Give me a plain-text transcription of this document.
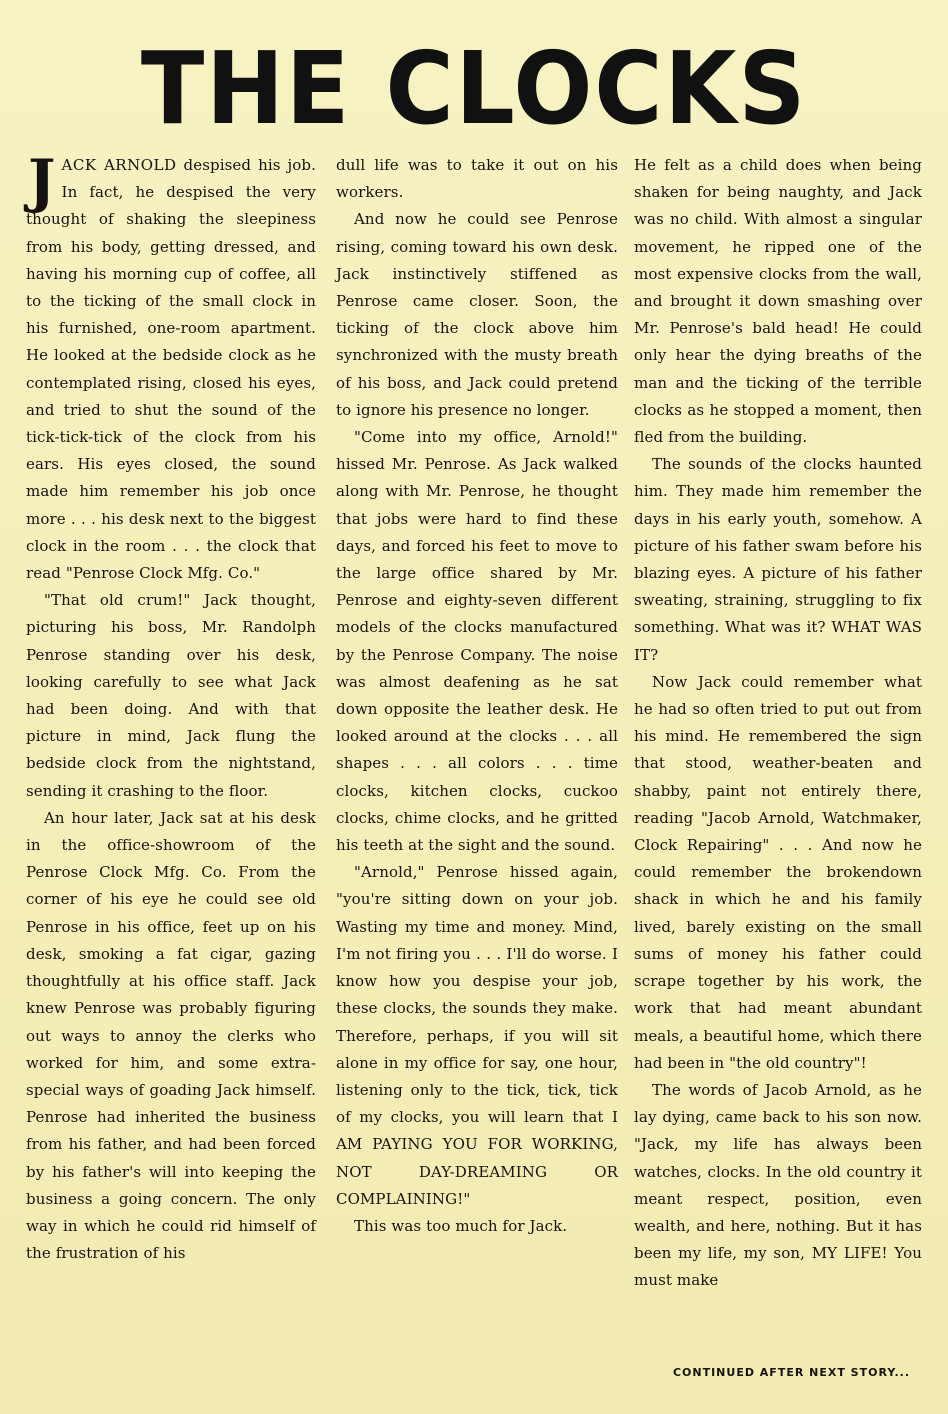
THE CLOCKS

JACK ARNOLD despised his job. In fact, he despised the very thought of shaking the sleepiness from his body, getting dressed, and having his morning cup of coffee, all to the ticking of the small clock in his furnished, one-room apartment. He looked at the bedside clock as he contemplated rising, closed his eyes, and tried to shut the sound of the tick-tick-tick of the clock from his ears. His eyes closed, the sound made him remember his job once more . . . his desk next to the biggest clock in the room . . . the clock that read "Penrose Clock Mfg. Co."

"That old crum!" Jack thought, picturing his boss, Mr. Randolph Penrose standing over his desk, looking carefully to see what Jack had been doing. And with that picture in mind, Jack flung the bedside clock from the nightstand, sending it crashing to the floor.

An hour later, Jack sat at his desk in the office-showroom of the Penrose Clock Mfg. Co. From the corner of his eye he could see old Penrose in his office, feet up on his desk, smoking a fat cigar, gazing thoughtfully at his office staff. Jack knew Penrose was probably figuring out ways to annoy the clerks who worked for him, and some extra-special ways of goading Jack himself. Penrose had inherited the business from his father, and had been forced by his father's will into keeping the business a going concern. The only way in which he could rid himself of the frustration of his

dull life was to take it out on his workers.

And now he could see Penrose rising, coming toward his own desk. Jack instinctively stiffened as Penrose came closer. Soon, the ticking of the clock above him synchronized with the musty breath of his boss, and Jack could pretend to ignore his presence no longer.

"Come into my office, Arnold!" hissed Mr. Penrose. As Jack walked along with Mr. Penrose, he thought that jobs were hard to find these days, and forced his feet to move to the large office shared by Mr. Penrose and eighty-seven different models of the clocks manufactured by the Penrose Company. The noise was almost deafening as he sat down opposite the leather desk. He looked around at the clocks . . . all shapes . . . all colors . . . time clocks, kitchen clocks, cuckoo clocks, chime clocks, and he gritted his teeth at the sight and the sound.

"Arnold," Penrose hissed again, "you're sitting down on your job. Wasting my time and money. Mind, I'm not firing you . . . I'll do worse. I know how you despise your job, these clocks, the sounds they make. Therefore, perhaps, if you will sit alone in my office for say, one hour, listening only to the tick, tick, tick of my clocks, you will learn that I AM PAYING YOU FOR WORKING, NOT DAY-DREAMING OR COMPLAINING!"

This was too much for Jack.

He felt as a child does when being shaken for being naughty, and Jack was no child. With almost a singular movement, he ripped one of the most expensive clocks from the wall, and brought it down smashing over Mr. Penrose's bald head! He could only hear the dying breaths of the man and the ticking of the terrible clocks as he stopped a moment, then fled from the building.

The sounds of the clocks haunted him. They made him remember the days in his early youth, somehow. A picture of his father swam before his blazing eyes. A picture of his father sweating, straining, struggling to fix something. What was it? WHAT WAS IT?

Now Jack could remember what he had so often tried to put out from his mind. He remembered the sign that stood, weather-beaten and shabby, paint not entirely there, reading "Jacob Arnold, Watchmaker, Clock Repairing" . . . And now he could remember the brokendown shack in which he and his family lived, barely existing on the small sums of money his father could scrape together by his work, the work that had meant abundant meals, a beautiful home, which there had been in "the old country"!

The words of Jacob Arnold, as he lay dying, came back to his son now. "Jack, my life has always been watches, clocks. In the old country it meant respect, position, even wealth, and here, nothing. But it has been my life, my son, MY LIFE! You must make

CONTINUED AFTER NEXT STORY...
